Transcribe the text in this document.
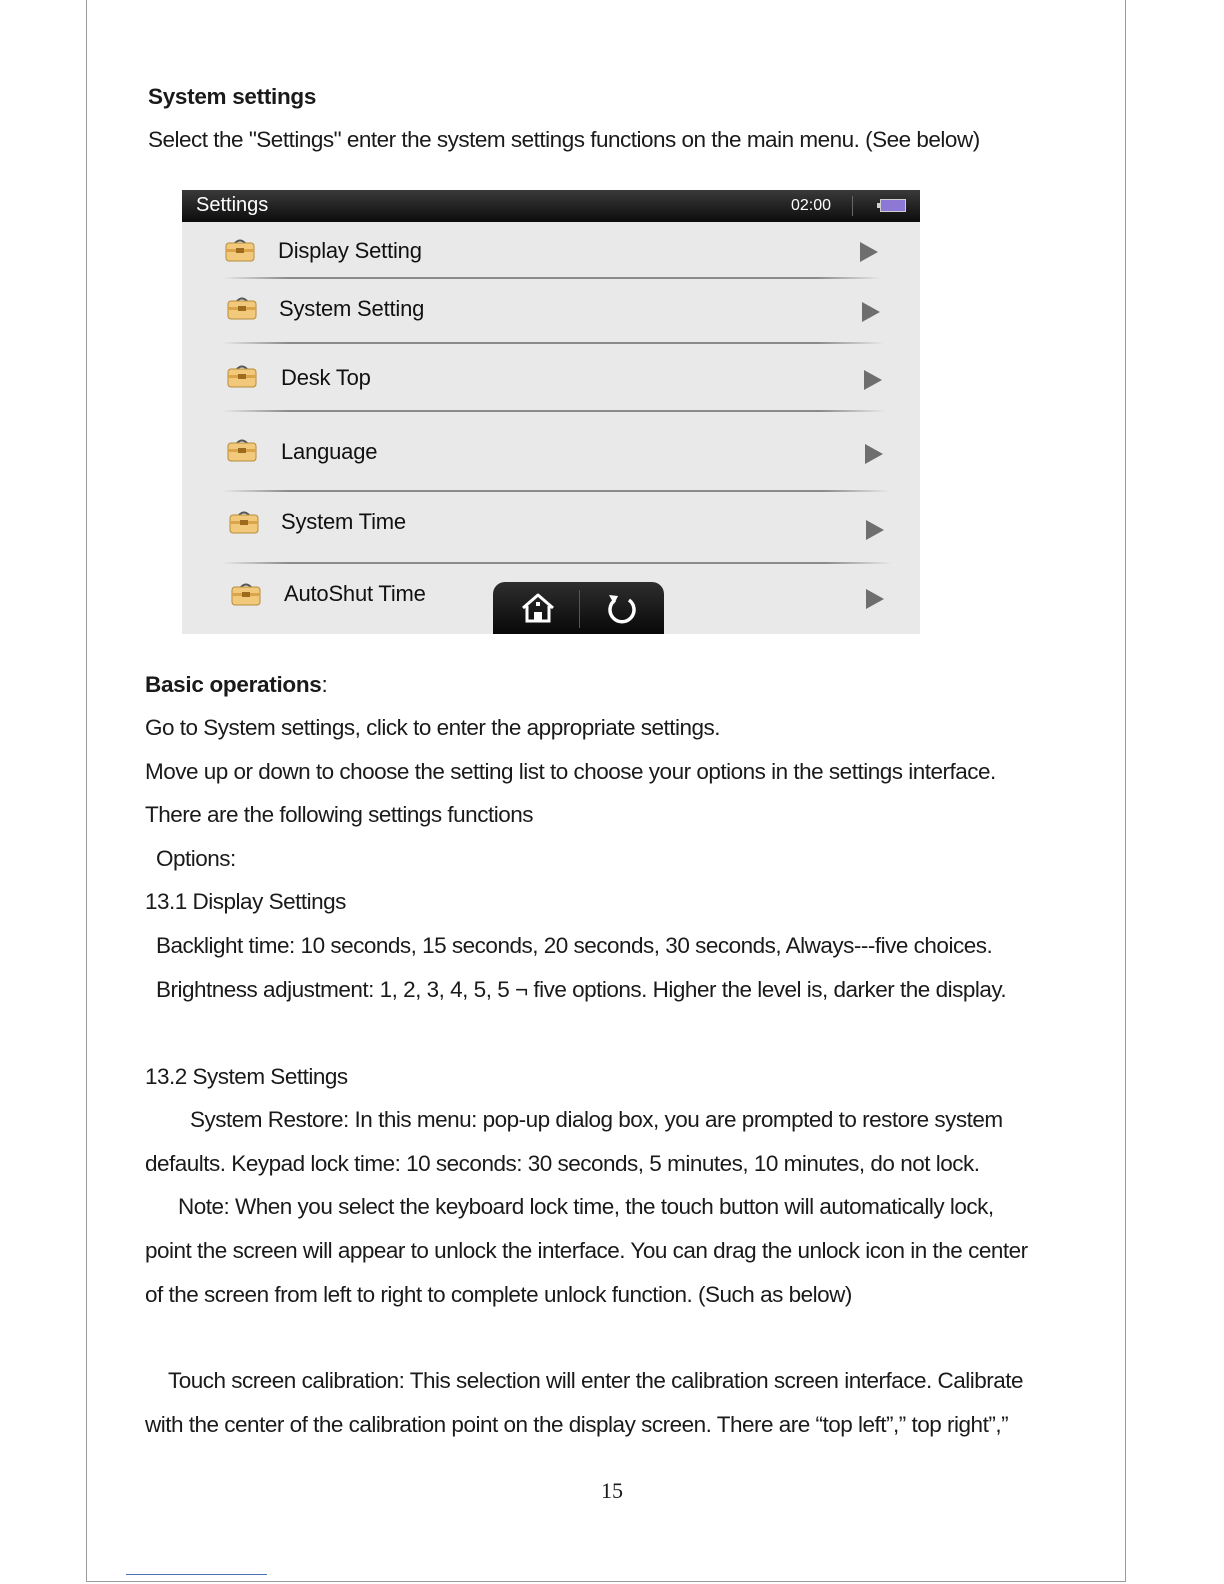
System settings
Select the "Settings" enter the system settings functions on the main menu. (See below)
Settings	02:00
Display Setting
System Setting
Desk Top
Language
System Time
AutoShut Time
Basic operations:
Go to System settings, click to enter the appropriate settings.
Move up or down to choose the setting list to choose your options in the settings interface.
There are the following settings functions
Options:
13.1 Display Settings
Backlight time: 10 seconds, 15 seconds, 20 seconds, 30 seconds, Always---five choices.
Brightness adjustment: 1, 2, 3, 4, 5, 5 ¬ five options. Higher the level is, darker the display.
13.2 System Settings
System Restore: In this menu: pop-up dialog box, you are prompted to restore system
defaults. Keypad lock time: 10 seconds: 30 seconds, 5 minutes, 10 minutes, do not lock.
Note: When you select the keyboard lock time, the touch button will automatically lock,
point the screen will appear to unlock the interface. You can drag the unlock icon in the center
of the screen from left to right to complete unlock function. (Such as below)
Touch screen calibration: This selection will enter the calibration screen interface. Calibrate
with the center of the calibration point on the display screen. There are “top left”,” top right”,”
15
